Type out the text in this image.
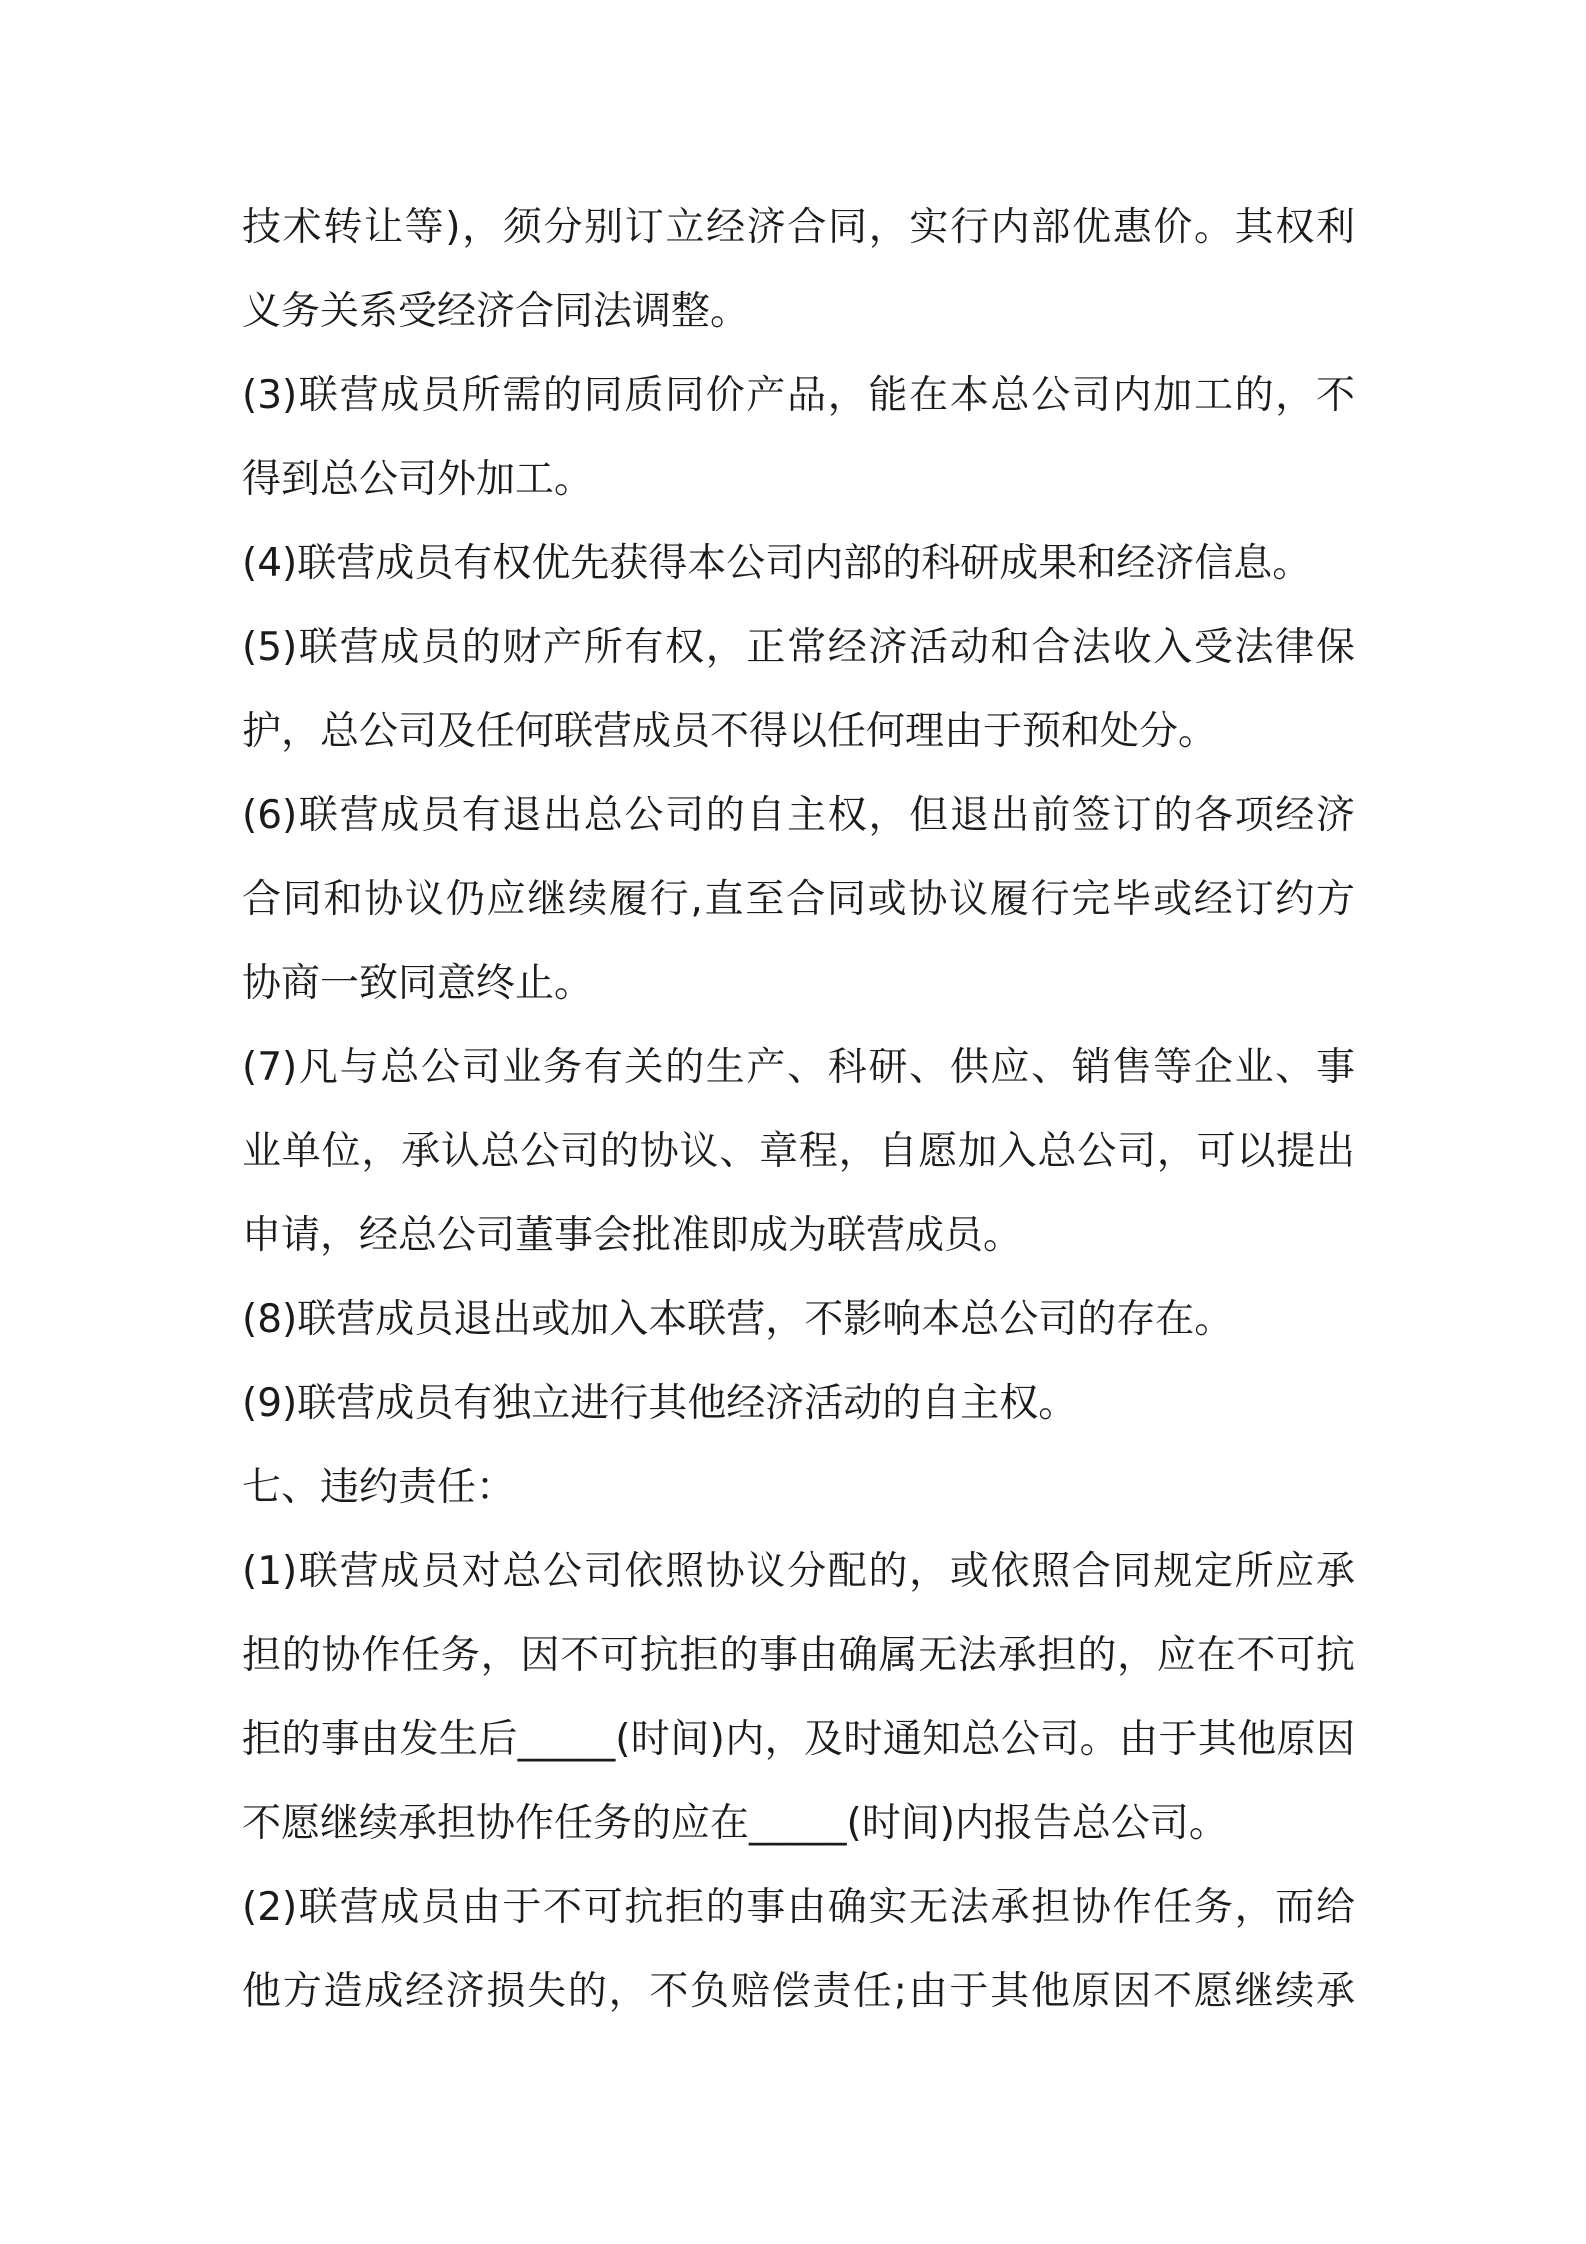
技术转让等)，须分别订立经济合同，实行内部优惠价。其权利
义务关系受经济合同法调整。
(3)联营成员所需的同质同价产品，能在本总公司内加工的，不
得到总公司外加工。
(4)联营成员有权优先获得本公司内部的科研成果和经济信息。
(5)联营成员的财产所有权，正常经济活动和合法收入受法律保
护，总公司及任何联营成员不得以任何理由于预和处分。
(6)联营成员有退出总公司的自主权，但退出前签订的各项经济
合同和协议仍应继续履行,直至合同或协议履行完毕或经订约方
协商一致同意终止。
(7)凡与总公司业务有关的生产、科研、供应、销售等企业、事
业单位，承认总公司的协议、章程，自愿加入总公司，可以提出
申请，经总公司董事会批准即成为联营成员。
(8)联营成员退出或加入本联营，不影响本总公司的存在。
(9)联营成员有独立进行其他经济活动的自主权。
七、违约责任：
(1)联营成员对总公司依照协议分配的，或依照合同规定所应承
担的协作任务，因不可抗拒的事由确属无法承担的，应在不可抗
拒的事由发生后_____(时间)内，及时通知总公司。由于其他原因
不愿继续承担协作任务的应在_____(时间)内报告总公司。
(2)联营成员由于不可抗拒的事由确实无法承担协作任务，而给
他方造成经济损失的，不负赔偿责任;由于其他原因不愿继续承
